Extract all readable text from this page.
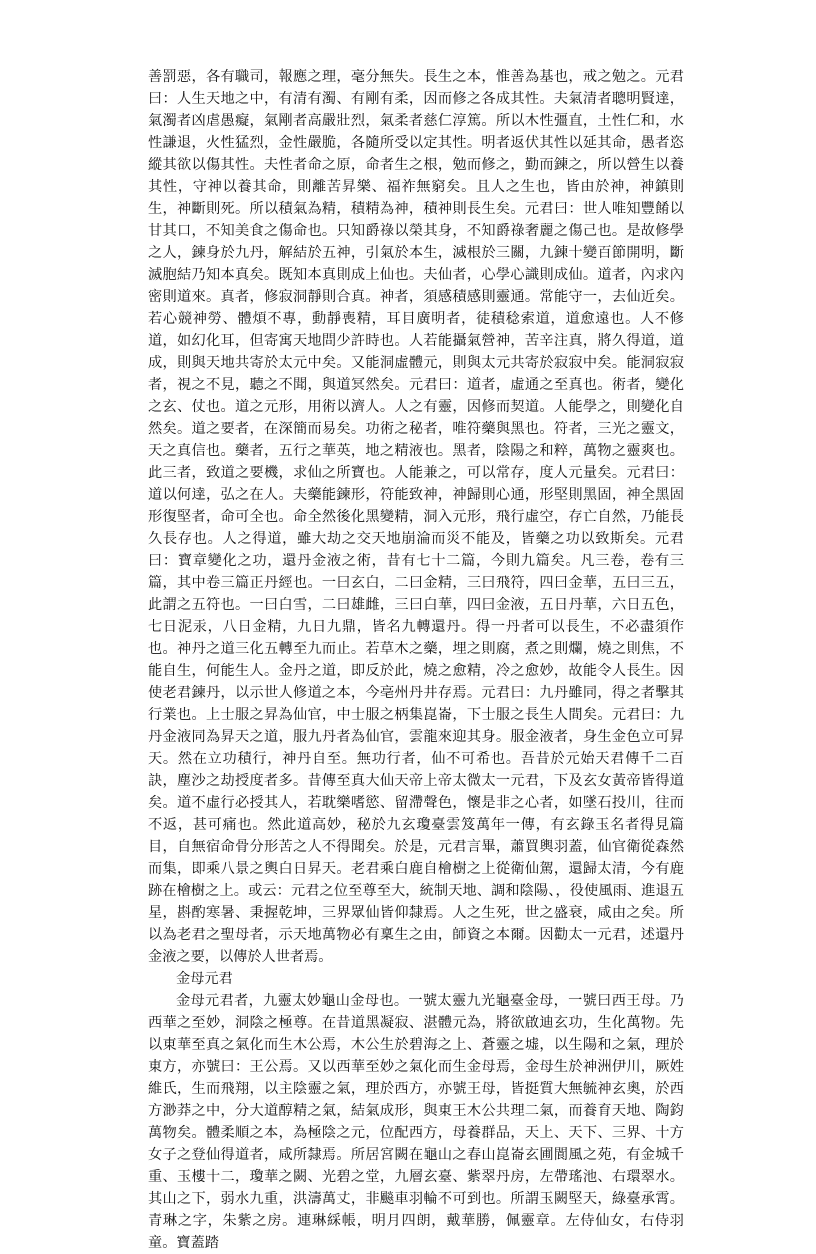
善罰惡，各有職司，報應之理，毫分無失。長生之本，惟善為基也，戒之勉之。元君曰：人生天地之中，有清有濁、有剛有柔，因而修之各成其性。夫氣清者聰明賢達，氣濁者凶虐愚癡，氣剛者高嚴壯烈，氣柔者慈仁淳篤。所以木性彊直，土性仁和，水性謙退，火性猛烈，金性嚴脆，各隨所受以定其性。明者返伏其性以延其命，愚者恣縱其欲以傷其性。夫性者命之原，命者生之根，勉而修之，勤而鍊之，所以營生以養其性，守神以養其命，則離苦昇樂、福祚無窮矣。且人之生也，皆由於神，神鎮則生，神斷則死。所以積氣為精，積精為神，積神則長生矣。元君曰：世人唯知豐餚以甘其口，不知美食之傷命也。只知爵祿以榮其身，不知爵祿奢麗之傷己也。是故修學之人，鍊身於九丹，解結於五神，引氣於本生，滅根於三關，九鍊十變百節開明，斷滅胞結乃知本真矣。既知本真則成上仙也。夫仙者，心學心識則成仙。道者，內求內密則道來。真者，修寂洞靜則合真。神者，須感積感則靈通。常能守一，去仙近矣。若心競神勞、體煩不專，動靜喪精，耳目廣明者，徒積稔索道，道愈遠也。人不修道，如幻化耳，但寄寓天地問少許時也。人若能攝氣營神，苦辛注真，將久得道，道成，則與天地共寄於太元中矣。又能洞虛體元，則與太元共寄於寂寂中矣。能洞寂寂者，視之不見，聽之不聞，與道冥然矣。元君曰：道者，虛通之至真也。術者，變化之玄、仗也。道之元形，用術以濟人。人之有靈，因修而契道。人能學之，則變化自然矣。道之要者，在深簡而易矣。功術之秘者，唯符藥與黑也。符者，三光之靈文，天之真信也。藥者，五行之華英，地之精液也。黑者，陰陽之和粹，萬物之靈爽也。此三者，致道之要機，求仙之所寶也。人能兼之，可以常存，度人元量矣。元君曰：道以何達，弘之在人。夫藥能鍊形，符能致神，神歸則心通，形堅則黑固，神全黑固形復堅者，命可全也。命全然後化黑變精，洞入元形，飛行虛空，存亡自然，乃能長久長存也。人之得道，雖大劫之交天地崩淪而災不能及，皆藥之功以致斯矣。元君曰：寶章變化之功，還丹金液之術，昔有七十二篇，今則九篇矣。凡三卷，卷有三篇，其中卷三篇正丹經也。一曰玄白，二曰金精，三曰飛符，四曰金華，五曰三五，此謂之五符也。一曰白雪，二曰雄雌，三曰白華，四曰金液，五日丹華，六日五色，七日泥汞，八日金精，九日九鼎，皆名九轉還丹。得一丹者可以長生，不必盡須作也。神丹之道三化五轉至九而止。若草木之藥，埋之則腐，煮之則爛，燒之則焦，不能自生，何能生人。金丹之道，即反於此，燒之愈精，冷之愈妙，故能令人長生。因使老君鍊丹，以示世人修道之本，今亳州丹井存焉。元君曰：九丹雖同，得之者擊其行業也。上士服之昇為仙官，中士服之柄集崑崙，下士服之長生人間矣。元君曰：九丹金液同為昇天之道，服九丹者為仙官，雲龍來迎其身。服金液者，身生金色立可昇天。然在立功積行，神丹自至。無功行者，仙不可希也。吾昔於元始天君傳千二百訣，塵沙之劫授度者多。昔傳至真大仙天帝上帝太微太一元君，下及玄女黃帝皆得道矣。道不虛行必授其人，若耽樂嗜慾、留滯聲色，懷是非之心者，如墜石投川，往而不返，甚可痛也。然此道高妙，秘於九玄瓊臺雲笈萬年一傳，有玄錄玉名者得見篇目，自無宿命骨分形苦之人不得聞矣。於是，元君言畢，蕭買輿羽蓋，仙官衛從森然而集，即乘八景之輿白日昇天。老君乘白鹿自檜樹之上從衛仙駕，還歸太清，今有鹿跡在檜樹之上。或云：元君之位至尊至大，統制天地、調和陰陽、，役使風雨、進退五星，斟酌寒暑、秉握乾坤，三界眾仙皆仰隸焉。人之生死，世之盛衰，咸由之矣。所以為老君之聖母者，示天地萬物必有稟生之由，師資之本爾。因勸太一元君，述還丹金液之要，以傳於人世者焉。

金母元君

金母元君者，九靈太妙龜山金母也。一號太靈九光龜臺金母，一號曰西王母。乃西華之至妙，洞陰之極尊。在昔道黑凝寂、湛體元為，將欲啟迪玄功，生化萬物。先以東華至真之氣化而生木公焉，木公生於碧海之上、蒼靈之墟，以生陽和之氣，理於東方，亦號曰：王公焉。又以西華至妙之氣化而生金母焉，金母生於神洲伊川，厥姓維氏，生而飛翔，以主陰靈之氣，理於西方，亦號王母，皆挺質大無毓神玄奧，於西方渺莽之中，分大道醇精之氣，結氣成形，與東王木公共理二氣，而養育天地、陶鈞萬物矣。體柔順之本，為極陰之元，位配西方，母養群品，天上、天下、三界、十方女子之登仙得道者，咸所隸焉。所居宮闕在龜山之春山崑崙玄圃閬風之苑，有金城千重、玉樓十二，瓊華之闕、光碧之堂，九層玄臺、紫翠丹房，左帶瑤池、右環翠水。其山之下，弱水九重，洪濤萬丈，非飈車羽輪不可到也。所謂玉闕堅天，綠臺承霄。青琳之字，朱紫之房。連琳綵帳，明月四朗，戴華勝，佩靈章。左侍仙女，右侍羽童。寶蓋踏
